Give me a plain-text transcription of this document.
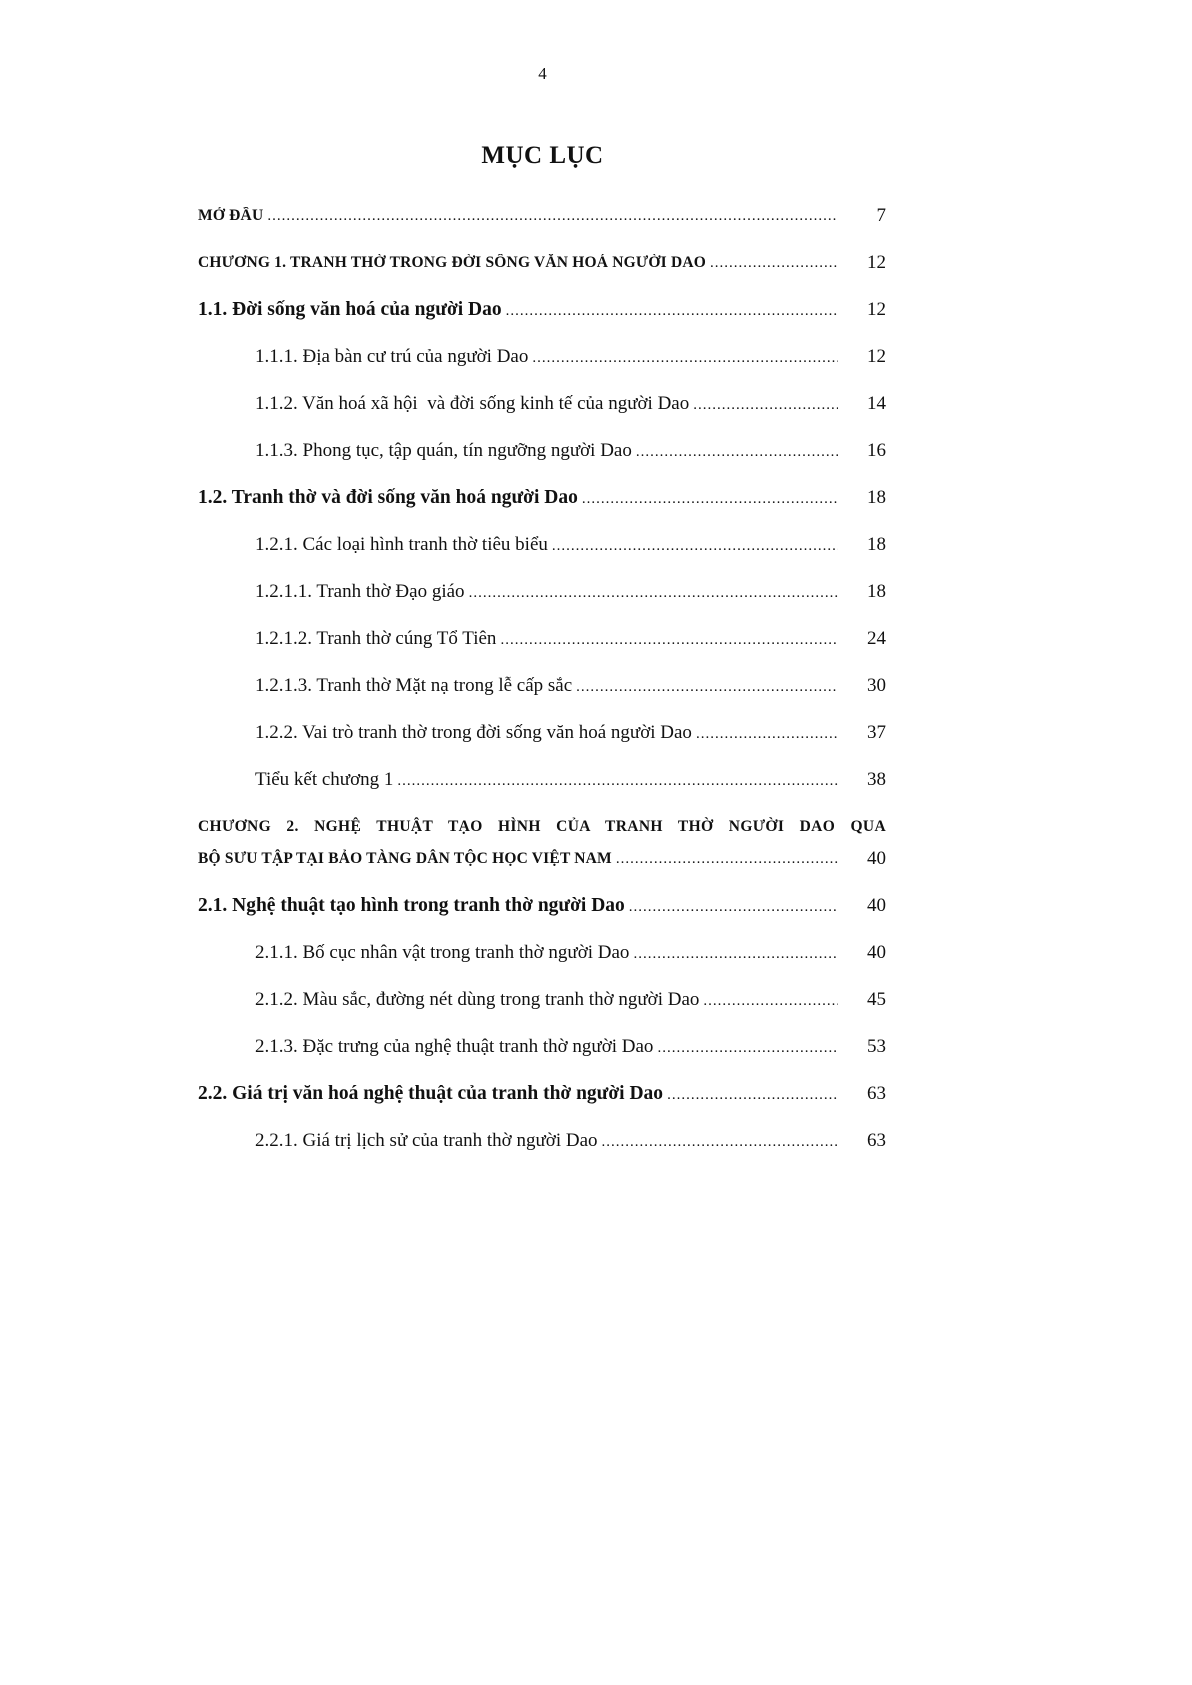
4
MỤC LỤC
MỞ ĐẦU .....	7
CHƯƠNG 1. TRANH THỜ TRONG ĐỜI SỐNG VĂN HOÁ NGƯỜI DAO .....	12
1.1. Đời sống văn hoá của người Dao .....	12
1.1.1. Địa bàn cư trú của người Dao .....	12
1.1.2. Văn hoá xã hội  và đời sống kinh tế của người Dao .....	14
1.1.3. Phong tục, tập quán, tín ngưỡng người Dao .....	16
1.2. Tranh thờ và đời sống văn hoá người Dao .....	18
1.2.1. Các loại hình tranh thờ tiêu biểu .....	18
1.2.1.1. Tranh thờ Đạo giáo .....	18
1.2.1.2. Tranh thờ cúng Tổ Tiên .....	24
1.2.1.3. Tranh thờ Mặt nạ trong lễ cấp sắc .....	30
1.2.2. Vai trò tranh thờ trong đời sống văn hoá người Dao .....	37
Tiểu kết chương 1 .....	38
CHƯƠNG 2. NGHỆ THUẬT TẠO HÌNH CỦA TRANH THỜ NGƯỜI DAO QUA
BỘ SƯU TẬP TẠI BẢO TÀNG DÂN TỘC HỌC VIỆT NAM .....	40
2.1. Nghệ thuật tạo hình trong tranh thờ người Dao .....	40
2.1.1. Bố cục nhân vật trong tranh thờ người Dao .....	40
2.1.2. Màu sắc, đường nét dùng trong tranh thờ người Dao .....	45
2.1.3. Đặc trưng của nghệ thuật tranh thờ người Dao .....	53
2.2. Giá trị văn hoá nghệ thuật của tranh thờ người Dao .....	63
2.2.1. Giá trị lịch sử của tranh thờ người Dao .....	63
